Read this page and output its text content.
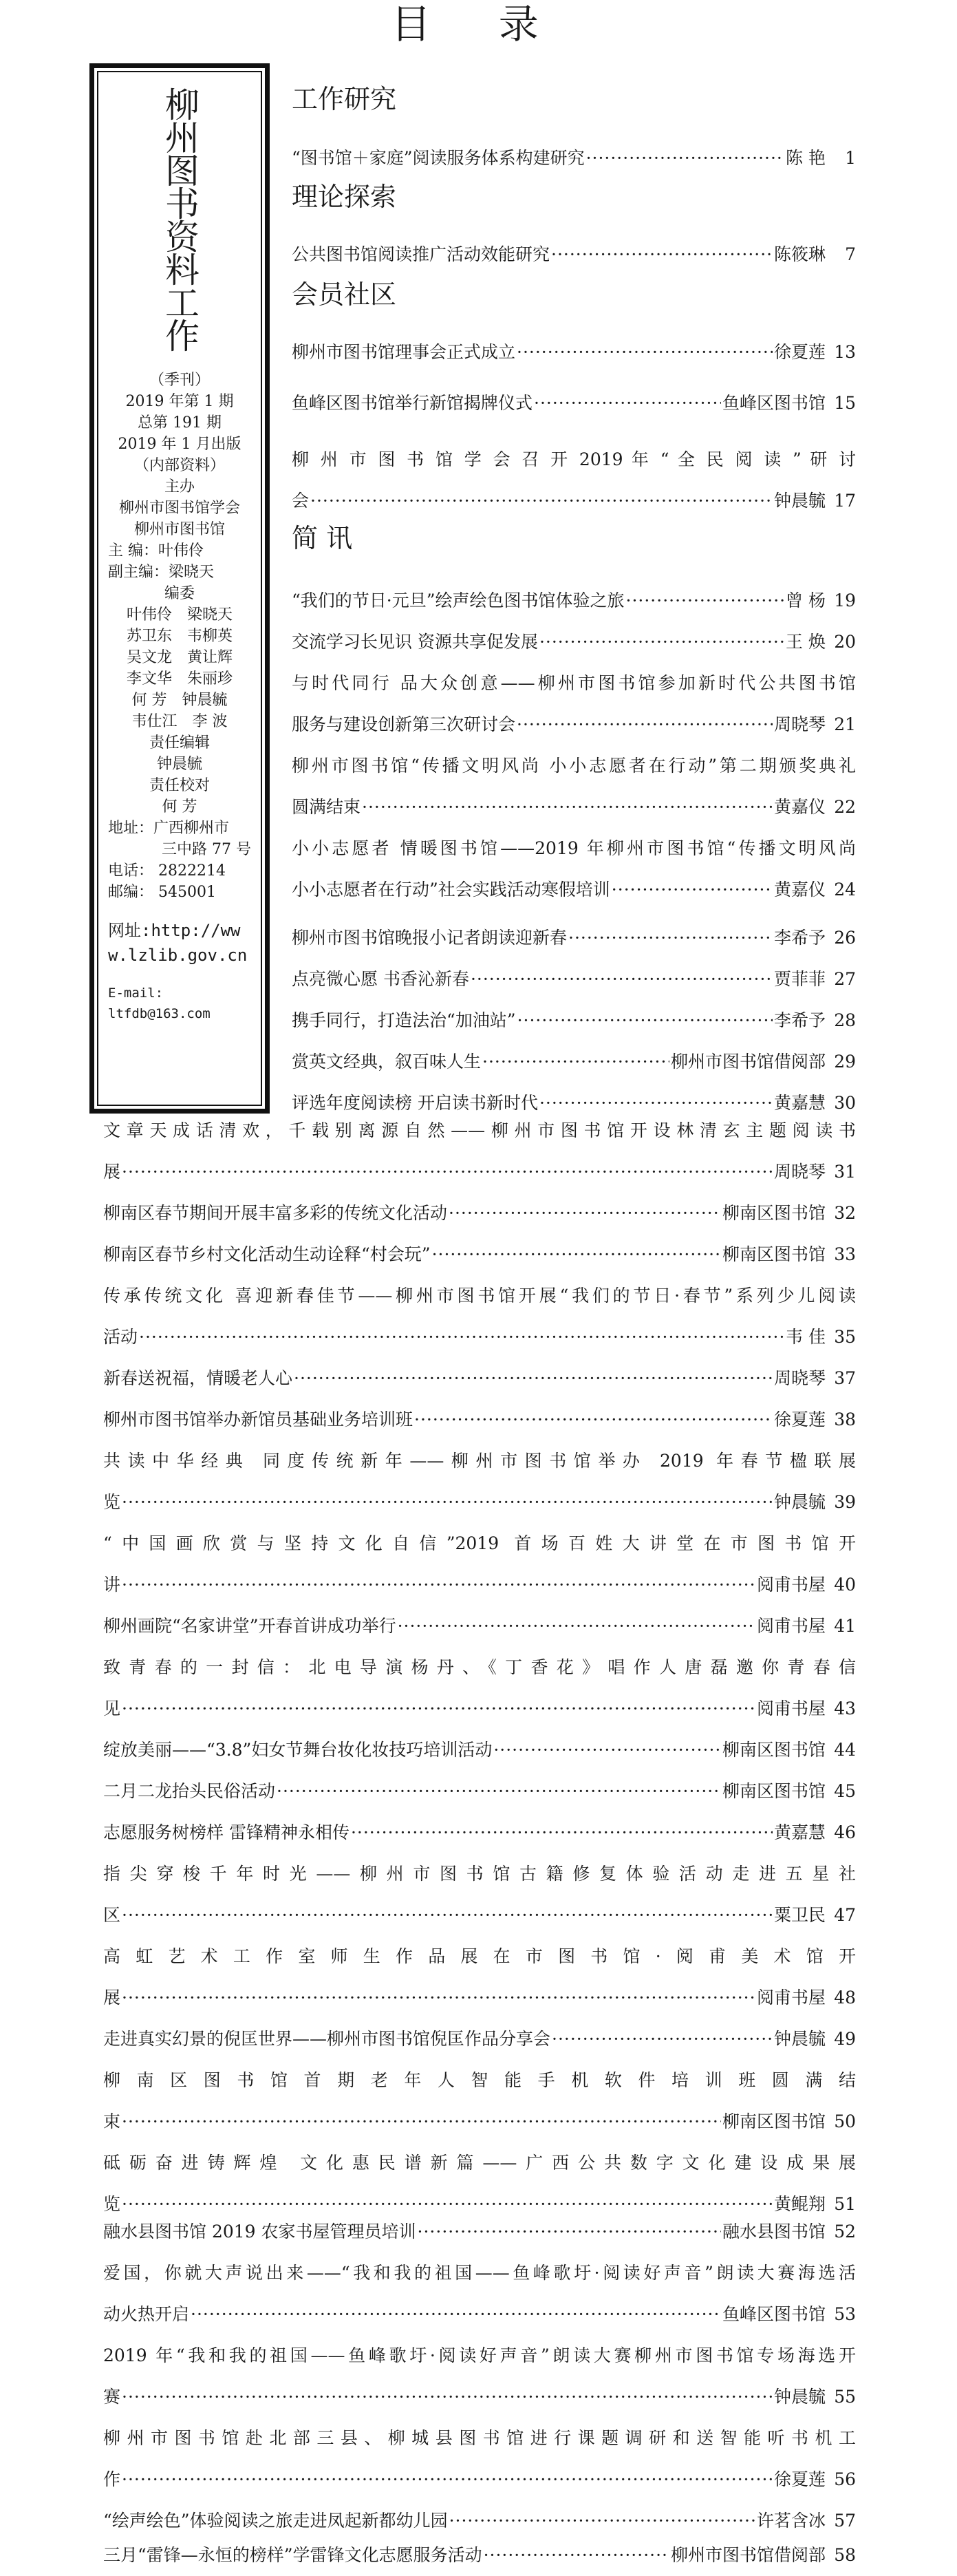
目 录
柳州图书资料工作
（季刊）
2019 年第 1 期
总第 191 期
2019 年 1 月出版
（内部资料）
主办
柳州市图书馆学会
柳州市图书馆
主 编：叶伟伶
副主编：梁晓天
编委
叶伟伶 梁晓天
苏卫东 韦柳英
吴文龙 黄让辉
李文华 朱丽珍
何 芳 钟晨毓
韦仕江 李 波
责任编辑
钟晨毓
责任校对
何 芳
地址：广西柳州市
三中路 77 号
电话： 2822214
邮编： 545001
网址:http://www.lzlib.gov.cn
E-mail:
ltfdb@163.com
工作研究
理论探索
会员社区
简 讯
“图书馆＋家庭”阅读服务体系构建研究 ·····	陈 艳	1
公共图书馆阅读推广活动效能研究 ·····	陈筱琳	7
柳州市图书馆理事会正式成立 ·····	徐夏莲 13
鱼峰区图书馆举行新馆揭牌仪式 ·····	鱼峰区图书馆 15
柳 州 市 图 书 馆 学 会 召 开 2019 年 “ 全 民 阅 读 ” 研 讨
会 ·····	钟晨毓 17
“我们的节日·元旦”绘声绘色图书馆体验之旅 ·····	曾 杨 19
交流学习长见识 资源共享促发展 ·····	王 焕 20
与时代同行 品大众创意——柳州市图书馆参加新时代公共图书馆
服务与建设创新第三次研讨会 ·····	周晓琴 21
柳州市图书馆“传播文明风尚 小小志愿者在行动”第二期颁奖典礼
圆满结束 ·····	黄嘉仪 22
小小志愿者 情暖图书馆——2019 年柳州市图书馆“传播文明风尚
小小志愿者在行动”社会实践活动寒假培训 ·····	黄嘉仪 24
柳州市图书馆晚报小记者朗读迎新春 ·····	李希予 26
点亮微心愿 书香沁新春 ·····	贾菲菲 27
携手同行，打造法治“加油站” ·····	李希予 28
赏英文经典，叙百味人生 ·····	柳州市图书馆借阅部 29
评选年度阅读榜 开启读书新时代 ·····	黄嘉慧 30
文章天成话清欢，千载别离源自然——柳州市图书馆开设林清玄主题阅读书
展 ·····	周晓琴 31
柳南区春节期间开展丰富多彩的传统文化活动 ·····	柳南区图书馆 32
柳南区春节乡村文化活动生动诠释“村会玩” ·····	柳南区图书馆 33
传承传统文化 喜迎新春佳节——柳州市图书馆开展“我们的节日·春节”系列少儿阅读
活动 ·····	韦 佳 35
新春送祝福，情暖老人心 ·····	周晓琴 37
柳州市图书馆举办新馆员基础业务培训班 ·····	徐夏莲 38
共读中华经典 同度传统新年——柳州市图书馆举办 2019 年春节楹联展
览 ·····	钟晨毓 39
“中国画欣赏与坚持文化自信”2019 首场百姓大讲堂在市图书馆开
讲 ·····	阅甫书屋 40
柳州画院“名家讲堂”开春首讲成功举行 ·····	阅甫书屋 41
致青春的一封信：北电导演杨丹、《丁香花》唱作人唐磊邀你青春信
见 ·····	阅甫书屋 43
绽放美丽——“3.8”妇女节舞台妆化妆技巧培训活动 ·····	柳南区图书馆 44
二月二龙抬头民俗活动 ·····	柳南区图书馆 45
志愿服务树榜样 雷锋精神永相传 ·····	黄嘉慧 46
指尖穿梭千年时光——柳州市图书馆古籍修复体验活动走进五星社
区 ·····	粟卫民 47
高虹艺术工作室师生作品展在市图书馆·阅甫美术馆开
展 ·····	阅甫书屋 48
走进真实幻景的倪匡世界——柳州市图书馆倪匡作品分享会 ·····	钟晨毓 49
柳南区图书馆首期老年人智能手机软件培训班圆满结
束 ·····	柳南区图书馆 50
砥砺奋进铸辉煌 文化惠民谱新篇——广西公共数字文化建设成果展
览 ·····	黄鲲翔 51
融水县图书馆 2019 农家书屋管理员培训 ·····	融水县图书馆 52
爱国，你就大声说出来——“我和我的祖国——鱼峰歌圩·阅读好声音”朗读大赛海选活
动火热开启 ·····	鱼峰区图书馆 53
2019 年“我和我的祖国——鱼峰歌圩·阅读好声音”朗读大赛柳州市图书馆专场海选开
赛 ·····	钟晨毓 55
柳州市图书馆赴北部三县、柳城县图书馆进行课题调研和送智能听书机工
作 ·····	徐夏莲 56
“绘声绘色”体验阅读之旅走进凤起新都幼儿园 ·····	许茗含冰 57
三月“雷锋—永恒的榜样”学雷锋文化志愿服务活动 ·····	柳州市图书馆借阅部 58
